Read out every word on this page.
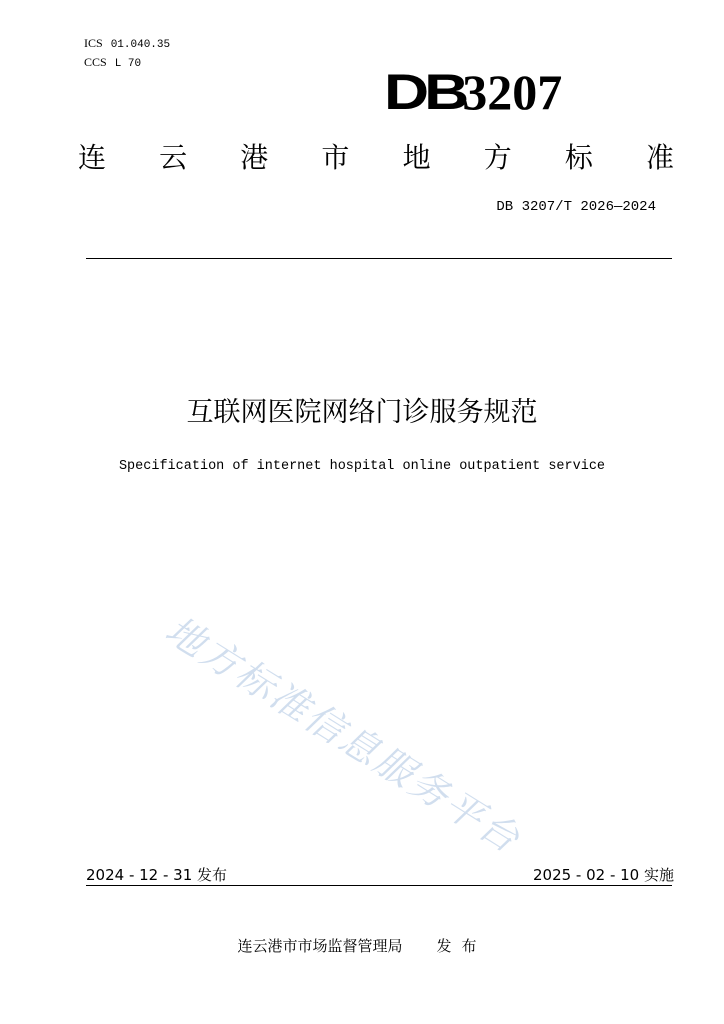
ICS 01.040.35
CCS L 70	DB3207
连 云 港 市 地 方 标 准
DB 3207/T 2026—2024
互联网医院网络门诊服务规范
Specification of internet hospital online outpatient service
地方标准信息服务平台
2024 - 12 - 31 发布	2025 - 02 - 10 实施
连云港市市场监督管理局 发布
